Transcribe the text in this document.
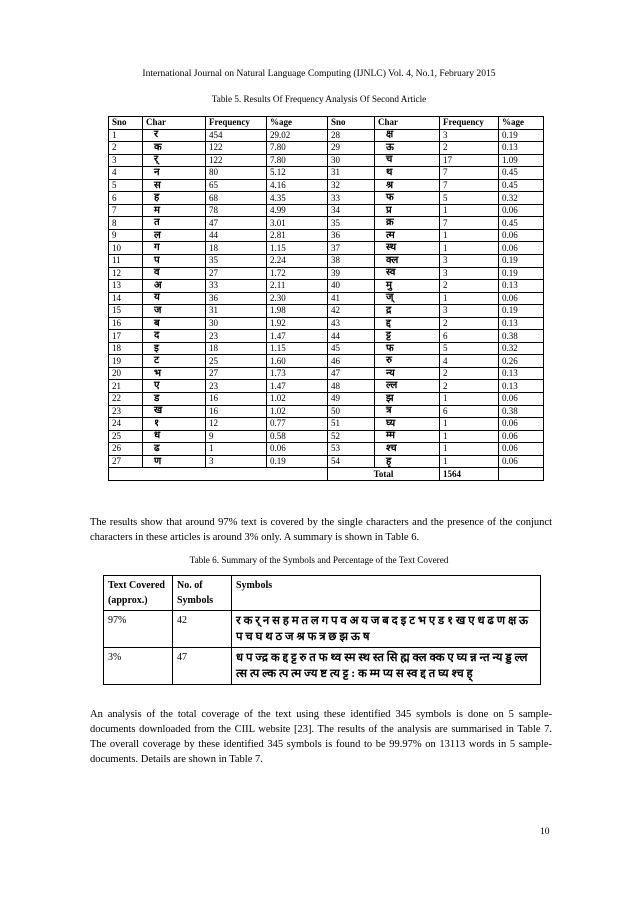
International Journal on Natural Language Computing (IJNLC) Vol. 4, No.1, February 2015
Table 5. Results Of Frequency Analysis Of Second Article
Sno	Char	Frequency	%age	Sno	Char	Frequency	%age
1	र	454	29.02	28	क्ष	3	0.19
2	क	122	7.80	29	ऊ	2	0.13
3	र्	122	7.80	30	च	17	1.09
4	न	80	5.12	31	थ	7	0.45
5	स	65	4.16	32	श्र	7	0.45
6	ह	68	4.35	33	फ	5	0.32
7	म	78	4.99	34	प्र	1	0.06
8	त	47	3.01	35	क्र	7	0.45
9	ल	44	2.81	36	त्म	1	0.06
10	ग	18	1.15	37	स्थ	1	0.06
11	प	35	2.24	38	क्ल	3	0.19
12	व	27	1.72	39	स्व	3	0.19
13	अ	33	2.11	40	मु	2	0.13
14	य	36	2.30	41	ज्	1	0.06
15	ज	31	1.98	42	द्र	3	0.19
16	ब	30	1.92	43	द्द	2	0.13
17	द	23	1.47	44	ट्ट	6	0.38
18	इ	18	1.15	45	फ	5	0.32
19	ट	25	1.60	46	रु	4	0.26
20	भ	27	1.73	47	न्य	2	0.13
21	ए	23	1.47	48	ल्ल	2	0.13
22	ड	16	1.02	49	झ	1	0.06
23	ख	16	1.02	50	त्र	6	0.38
24	१	12	0.77	51	घ्य	1	0.06
25	ध	9	0.58	52	म्म	1	0.06
26	ढ	1	0.06	53	श्च	1	0.06
27	ण	3	0.19	54	ह्	1	0.06
				Total		1564	
The results show that around 97% text is covered by the single characters and the presence of the conjunct characters in these articles is around 3% only. A summary is shown in Table 6.
Table 6. Summary of the Symbols and Percentage of the Text Covered
Text Covered (approx.)	No. of Symbols	Symbols
97%	42	र क र् न स ह म त ल ग प व अ य ज ब द इ ट भ ए ड १ ख ए ध ढ ण क्ष ऊ प च घ थ ठ ज श्र फ त्र छ झ ऊ ष
3%	47	ध प ज्द्र क द्द ट्ट रु त फ थ्व स्म स्थ स्त सि ह्म क्ल क्क ए घ्य न्न न्त न्य ड्ड ल्ल त्स त्प ल्क त्प त्म ज्य ष्ट त्य ट्ट : क म्म प्य स स्व द्द त घ्य श्च ह्
An analysis of the total coverage of the text using these identified 345 symbols is done on 5 sample-documents downloaded from the CIIL website [23]. The results of the analysis are summarised in Table 7. The overall coverage by these identified 345 symbols is found to be 99.97% on 13113 words in 5 sample-documents. Details are shown in Table 7.
10
